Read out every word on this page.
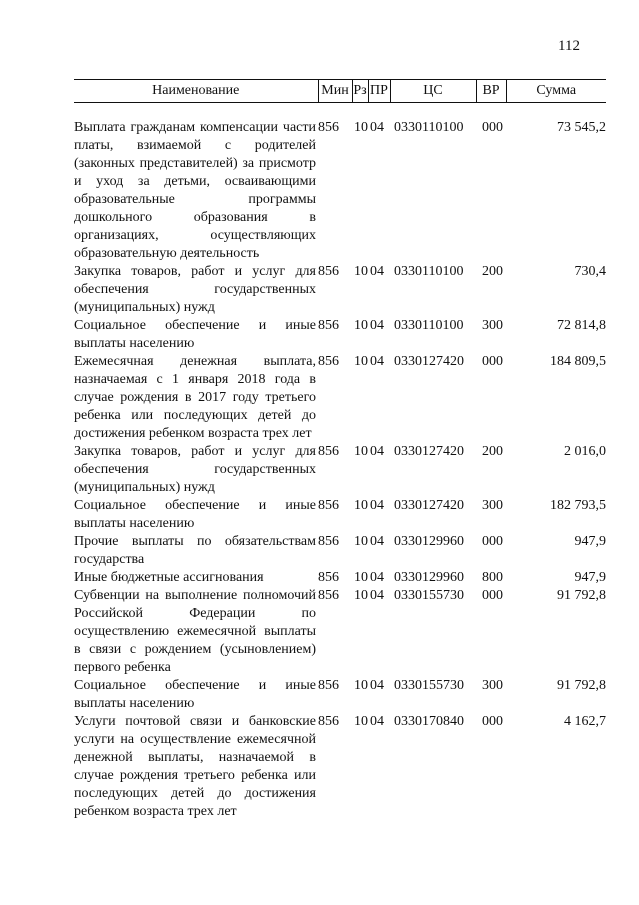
112
Наименование	Мин	Рз	ПР	ЦС	ВР	Сумма

Выплата гражданам компенсации части платы, взимаемой с родителей (законных представителей) за присмотр и уход за детьми, осваивающими образовательные программы дошкольного образования в организациях, осуществляющих образовательную деятельность	856	10	04	0330110100	000	73 545,2
Закупка товаров, работ и услуг для обеспечения государственных (муниципальных) нужд	856	10	04	0330110100	200	730,4
Социальное обеспечение и иные выплаты населению	856	10	04	0330110100	300	72 814,8
Ежемесячная денежная выплата, назначаемая с 1 января 2018 года в случае рождения в 2017 году третьего ребенка или последующих детей до достижения ребенком возраста трех лет	856	10	04	0330127420	000	184 809,5
Закупка товаров, работ и услуг для обеспечения государственных (муниципальных) нужд	856	10	04	0330127420	200	2 016,0
Социальное обеспечение и иные выплаты населению	856	10	04	0330127420	300	182 793,5
Прочие выплаты по обязательствам государства	856	10	04	0330129960	000	947,9
Иные бюджетные ассигнования	856	10	04	0330129960	800	947,9
Субвенции на выполнение полномочий Российской Федерации по осуществлению ежемесячной выплаты в связи с рождением (усыновлением) первого ребенка	856	10	04	0330155730	000	91 792,8
Социальное обеспечение и иные выплаты населению	856	10	04	0330155730	300	91 792,8
Услуги почтовой связи и банковские услуги на осуществление ежемесячной денежной выплаты, назначаемой в случае рождения третьего ребенка или последующих детей до достижения ребенком возраста трех лет	856	10	04	0330170840	000	4 162,7
